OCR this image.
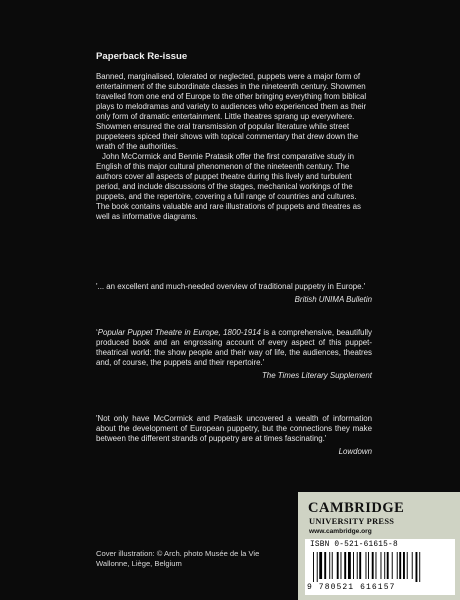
Paperback Re-issue

Banned, marginalised, tolerated or neglected, puppets were a major form of entertainment of the subordinate classes in the nineteenth century. Showmen travelled from one end of Europe to the other bringing everything from biblical plays to melodramas and variety to audiences who experienced them as their only form of dramatic entertainment. Little theatres sprang up everywhere. Showmen ensured the oral transmission of popular literature while street puppeteers spiced their shows with topical commentary that drew down the wrath of the authorities.

John McCormick and Bennie Pratasik offer the first comparative study in English of this major cultural phenomenon of the nineteenth century. The authors cover all aspects of puppet theatre during this lively and turbulent period, and include discussions of the stages, mechanical workings of the puppets, and the repertoire, covering a full range of countries and cultures. The book contains valuable and rare illustrations of puppets and theatres as well as informative diagrams.

'... an excellent and much-needed overview of traditional puppetry in Europe.'
British UNIMA Bulletin
‘Popular Puppet Theatre in Europe, 1800-1914 is a comprehensive, beautifully produced book and an engrossing account of every aspect of this puppet-theatrical world: the show people and their way of life, the audiences, theatres and, of course, the puppets and their repertoire.'
The Times Literary Supplement
'Not only have McCormick and Pratasik uncovered a wealth of information about the development of European puppetry, but the connections they make between the different strands of puppetry are at times fascinating.'
Lowdown
Cover illustration: © Arch. photo Musée de la Vie Wallonne, Liège, Belgium
CAMBRIDGE
UNIVERSITY PRESS
www.cambridge.org
ISBN 0-521-61615-8
9 780521 616157
